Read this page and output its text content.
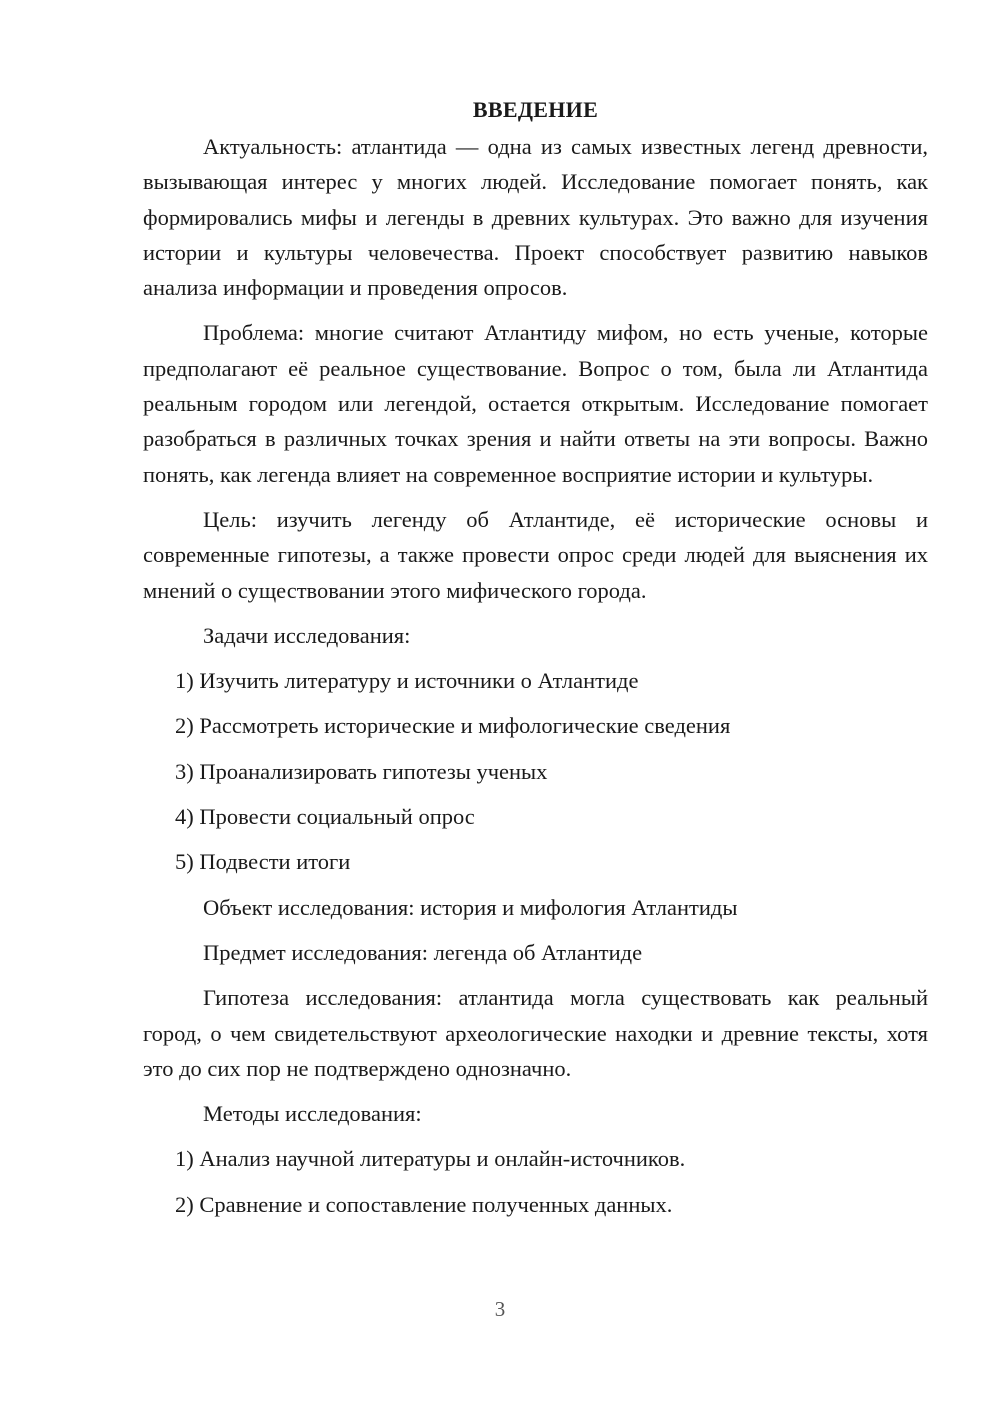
ВВЕДЕНИЕ
Актуальность: атлантида — одна из самых известных легенд древности, вызывающая интерес у многих людей. Исследование помогает понять, как формировались мифы и легенды в древних культурах. Это важно для изучения истории и культуры человечества. Проект способствует развитию навыков анализа информации и проведения опросов.
Проблема: многие считают Атлантиду мифом, но есть ученые, которые предполагают её реальное существование. Вопрос о том, была ли Атлантида реальным городом или легендой, остается открытым. Исследование помогает разобраться в различных точках зрения и найти ответы на эти вопросы. Важно понять, как легенда влияет на современное восприятие истории и культуры.
Цель: изучить легенду об Атлантиде, её исторические основы и современные гипотезы, а также провести опрос среди людей для выяснения их мнений о существовании этого мифического города.
Задачи исследования:
1) Изучить литературу и источники о Атлантиде
2) Рассмотреть исторические и мифологические сведения
3) Проанализировать гипотезы ученых
4) Провести социальный опрос
5) Подвести итоги
Объект исследования: история и мифология Атлантиды
Предмет исследования: легенда об Атлантиде
Гипотеза исследования: атлантида могла существовать как реальный город, о чем свидетельствуют археологические находки и древние тексты, хотя это до сих пор не подтверждено однозначно.
Методы исследования:
1) Анализ научной литературы и онлайн-источников.
2) Сравнение и сопоставление полученных данных.
3
